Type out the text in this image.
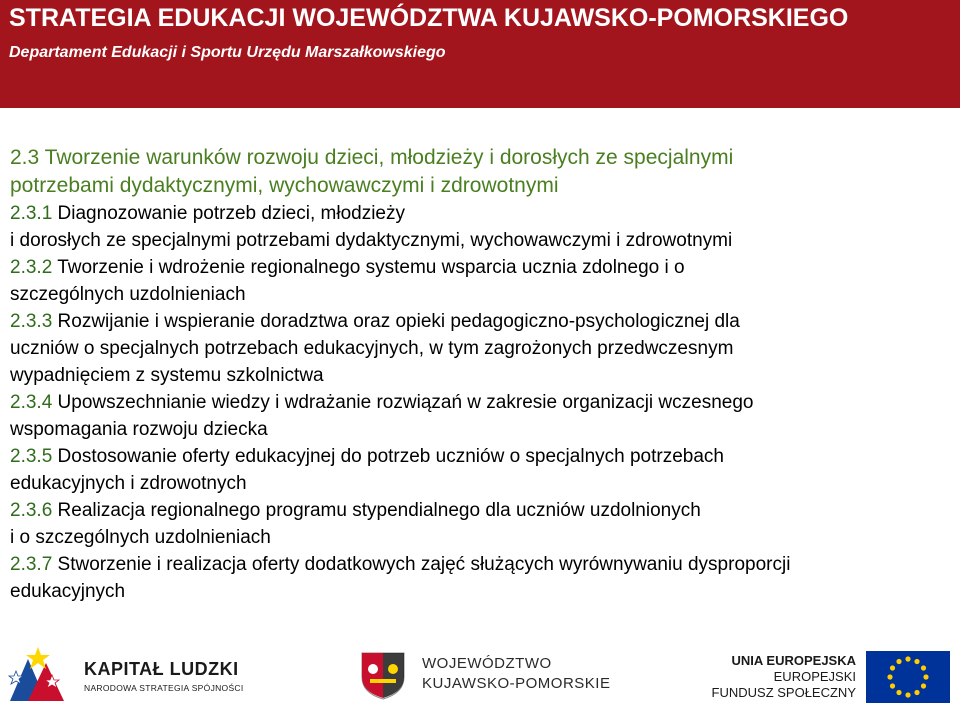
STRATEGIA EDUKACJI WOJEWÓDZTWA KUJAWSKO-POMORSKIEGO
Departament Edukacji i Sportu Urzędu Marszałkowskiego
2.3 Tworzenie warunków rozwoju dzieci, młodzieży i dorosłych ze specjalnymi
potrzebami dydaktycznymi, wychowawczymi i zdrowotnymi
2.3.1 Diagnozowanie potrzeb dzieci, młodzieży
i dorosłych ze specjalnymi potrzebami dydaktycznymi, wychowawczymi i zdrowotnymi
2.3.2 Tworzenie i wdrożenie regionalnego systemu wsparcia ucznia zdolnego i o
szczególnych uzdolnieniach
2.3.3 Rozwijanie i wspieranie doradztwa oraz opieki pedagogiczno-psychologicznej dla
uczniów o specjalnych potrzebach edukacyjnych, w tym zagrożonych przedwczesnym
wypadnięciem z systemu szkolnictwa
2.3.4 Upowszechnianie wiedzy i wdrażanie rozwiązań w zakresie organizacji wczesnego
wspomagania rozwoju dziecka
2.3.5 Dostosowanie oferty edukacyjnej do potrzeb uczniów o specjalnych potrzebach
edukacyjnych i zdrowotnych
2.3.6 Realizacja regionalnego programu stypendialnego dla uczniów uzdolnionych
i o szczególnych uzdolnieniach
2.3.7 Stworzenie i realizacja oferty dodatkowych zajęć służących wyrównywaniu dysproporcji
edukacyjnych
KAPITAŁ LUDZKI
NARODOWA STRATEGIA SPÓJNOŚCI
WOJEWÓDZTWO
KUJAWSKO-POMORSKIE
UNIA EUROPEJSKA
EUROPEJSKI
FUNDUSZ SPOŁECZNY
